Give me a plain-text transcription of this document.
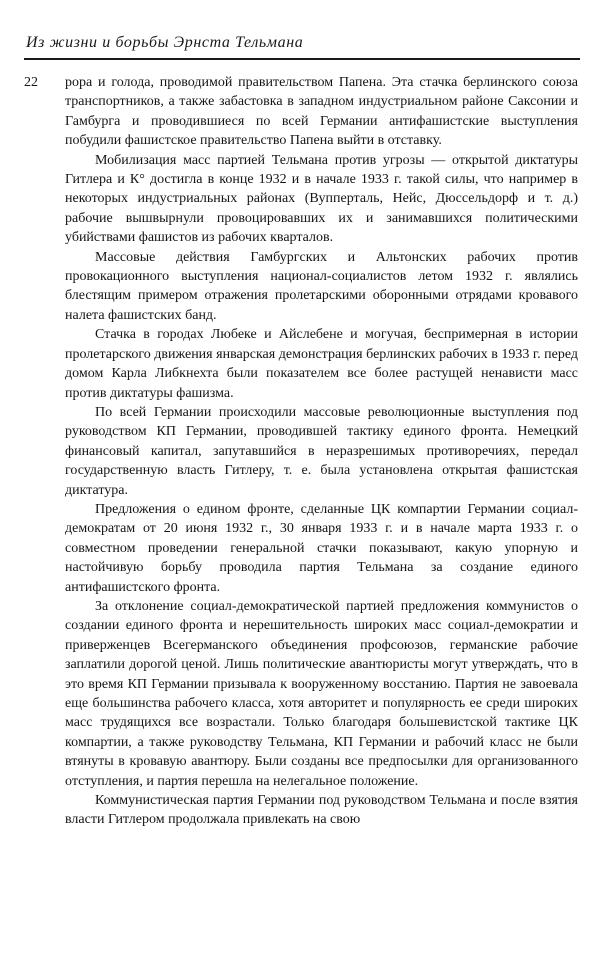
Из жизни и борьбы Эрнста Тельмана
22 рора и голода, проводимой правительством Папена. Эта стачка берлинского союза транспортников, а также забастовка в западном индустриальном районе Саксонии и Гамбурга и проводившиеся по всей Германии антифашистские выступления побудили фашистское правительство Папена выйти в отставку.

Мобилизация масс партией Тельмана против угрозы — открытой диктатуры Гитлера и К° достигла в конце 1932 и в начале 1933 г. такой силы, что например в некоторых индустриальных районах (Вупперталь, Нейс, Дюссельдорф и т. д.) рабочие вышвырнули провоцировавших их и занимавшихся политическими убийствами фашистов из рабочих кварталов.

Массовые действия Гамбургских и Альтонских рабочих против провокационного выступления национал-социалистов летом 1932 г. являлись блестящим примером отражения пролетарскими оборонными отрядами кровавого налета фашистских банд.

Стачка в городах Любеке и Айслебене и могучая, беспримерная в истории пролетарского движения январская демонстрация берлинских рабочих в 1933 г. перед домом Карла Либкнехта были показателем все более растущей ненависти масс против диктатуры фашизма.

По всей Германии происходили массовые революционные выступления под руководством КП Германии, проводившей тактику единого фронта. Немецкий финансовый капитал, запутавшийся в неразрешимых противоречиях, передал государственную власть Гитлеру, т. е. была установлена открытая фашистская диктатура.

Предложения о едином фронте, сделанные ЦК компартии Германии социал-демократам от 20 июня 1932 г., 30 января 1933 г. и в начале марта 1933 г. о совместном проведении генеральной стачки показывают, какую упорную и настойчивую борьбу проводила партия Тельмана за создание единого антифашистского фронта.

За отклонение социал-демократической партией предложения коммунистов о создании единого фронта и нерешительность широких масс социал-демократии и приверженцев Всегерманского объединения профсоюзов, германские рабочие заплатили дорогой ценой. Лишь политические авантюристы могут утверждать, что в это время КП Германии призывала к вооруженному восстанию. Партия не завоевала еще большинства рабочего класса, хотя авторитет и популярность ее среди широких масс трудящихся все возрастали. Только благодаря большевистской тактике ЦК компартии, а также руководству Тельмана, КП Германии и рабочий класс не были втянуты в кровавую авантюру. Были созданы все предпосылки для организованного отступления, и партия перешла на нелегальное положение.

Коммунистическая партия Германии под руководством Тельмана и после взятия власти Гитлером продолжала привлекать на свою
